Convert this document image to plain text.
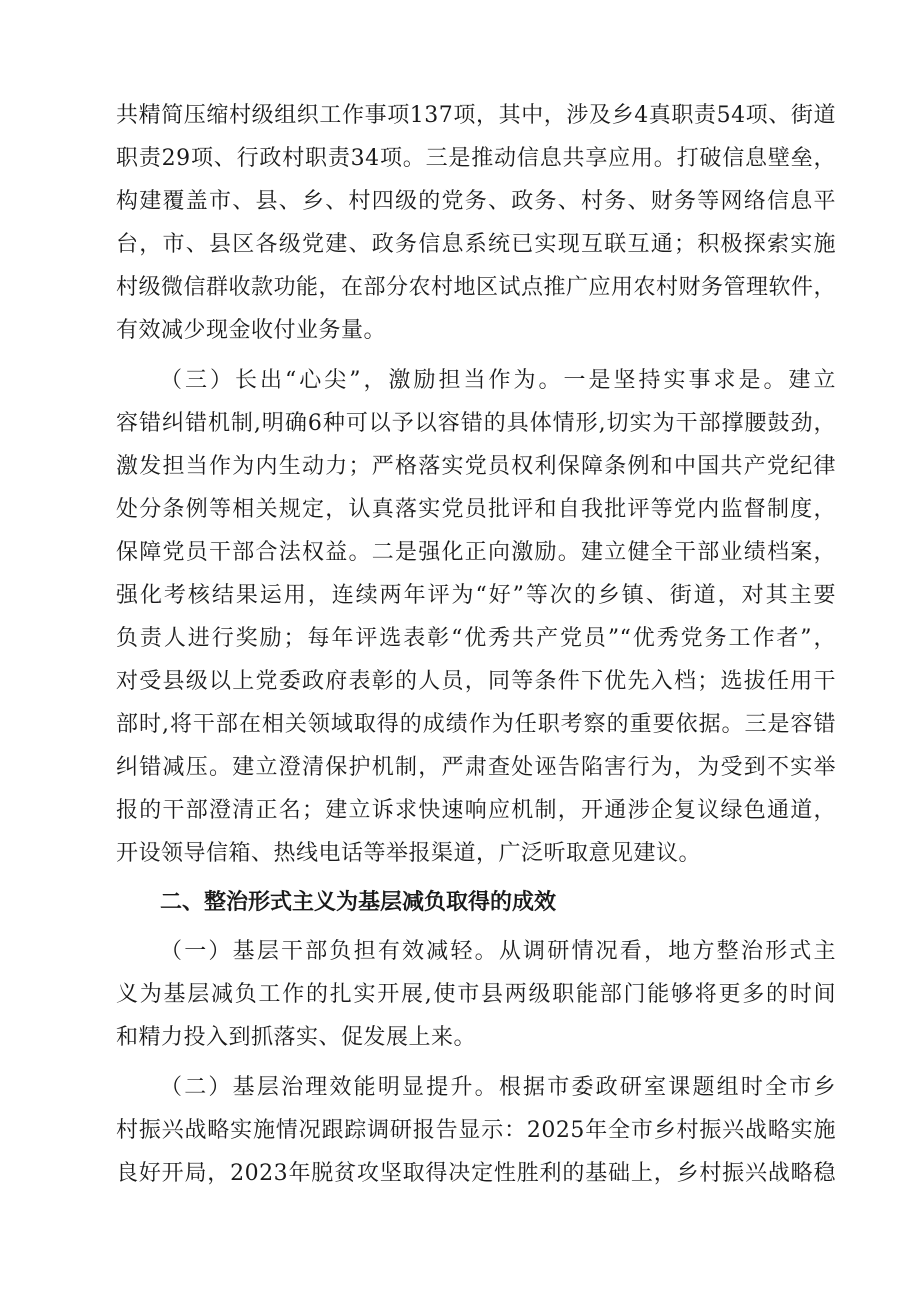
共精简压缩村级组织工作事项137项，其中，涉及乡4真职责54项、街道
职责29项、行政村职责34项。三是推动信息共享应用。打破信息壁垒，
构建覆盖市、县、乡、村四级的党务、政务、村务、财务等网络信息平
台，市、县区各级党建、政务信息系统已实现互联互通；积极探索实施
村级微信群收款功能，在部分农村地区试点推广应用农村财务管理软件，
有效减少现金收付业务量。
（三）长出“心尖”，激励担当作为。一是坚持实事求是。建立
容错纠错机制,明确6种可以予以容错的具体情形,切实为干部撑腰鼓劲，
激发担当作为内生动力；严格落实党员权利保障条例和中国共产党纪律
处分条例等相关规定，认真落实党员批评和自我批评等党内监督制度，
保障党员干部合法权益。二是强化正向激励。建立健全干部业绩档案，
强化考核结果运用，连续两年评为“好”等次的乡镇、街道，对其主要
负责人进行奖励；每年评选表彰“优秀共产党员”“优秀党务工作者”，
对受县级以上党委政府表彰的人员，同等条件下优先入档；选拔任用干
部时,将干部在相关领域取得的成绩作为任职考察的重要依据。三是容错
纠错减压。建立澄清保护机制，严肃查处诬告陷害行为，为受到不实举
报的干部澄清正名；建立诉求快速响应机制，开通涉企复议绿色通道，
开设领导信箱、热线电话等举报渠道，广泛听取意见建议。
二、整治形式主义为基层减负取得的成效
（一）基层干部负担有效减轻。从调研情况看，地方整治形式主
义为基层减负工作的扎实开展,使市县两级职能部门能够将更多的时间
和精力投入到抓落实、促发展上来。
（二）基层治理效能明显提升。根据市委政研室课题组时全市乡
村振兴战略实施情况跟踪调研报告显示：2025年全市乡村振兴战略实施
良好开局，2023年脱贫攻坚取得决定性胜利的基础上，乡村振兴战略稳
